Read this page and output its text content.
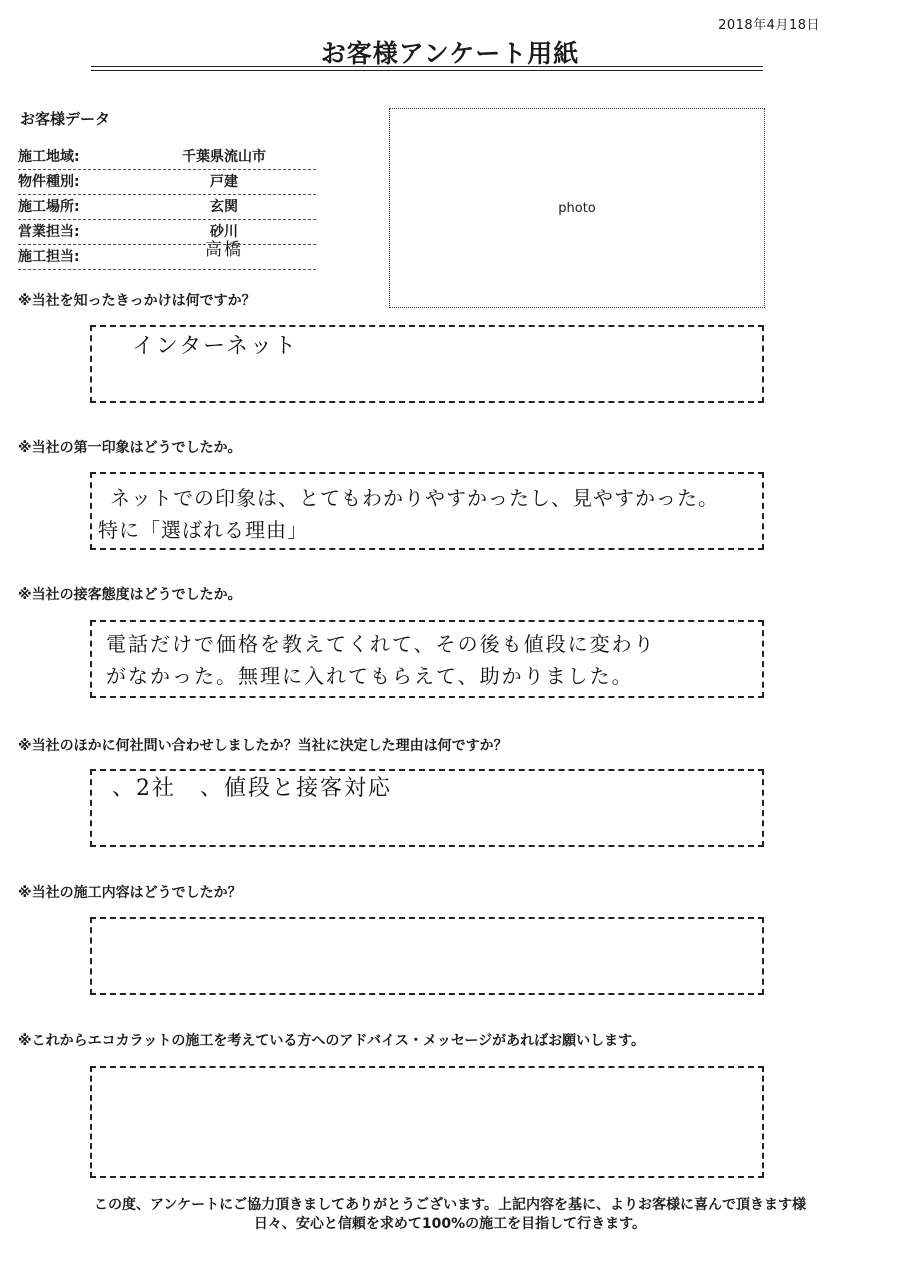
2018年4月18日
お客様アンケート用紙
お客様データ
施工地域:	千葉県流山市
物件種別:	戸建
施工場所:	玄関
営業担当:	砂川
施工担当:	高橋
photo
※当社を知ったきっかけは何ですか？
インターネット
※当社の第一印象はどうでしたか。
ネットでの印象は、とてもわかりやすかったし、見やすかった。
特に「選ばれる理由」
※当社の接客態度はどうでしたか。
電話だけで価格を教えてくれて、その後も値段に変わり
がなかった。無理に入れてもらえて、助かりました。
※当社のほかに何社問い合わせしましたか？当社に決定した理由は何ですか？
、2社　、値段と接客対応
※当社の施工内容はどうでしたか？
※これからエコカラットの施工を考えている方へのアドバイス・メッセージがあればお願いします。
この度、アンケートにご協力頂きましてありがとうございます。上記内容を基に、よりお客様に喜んで頂きます様
日々、安心と信頼を求めて100%の施工を目指して行きます。
